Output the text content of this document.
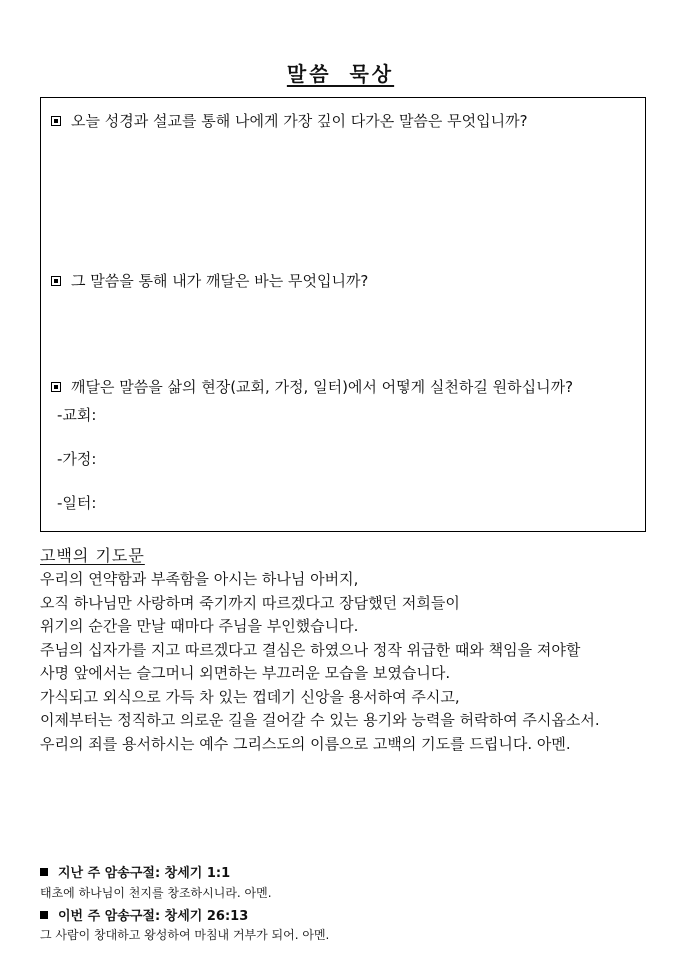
말씀 묵상
오늘 성경과 설교를 통해 나에게 가장 깊이 다가온 말씀은 무엇입니까?
그 말씀을 통해 내가 깨달은 바는 무엇입니까?
깨달은 말씀을 삶의 현장(교회, 가정, 일터)에서 어떻게 실천하길 원하십니까?
-교회:
-가정:
-일터:
고백의 기도문
우리의 연약함과 부족함을 아시는 하나님 아버지,
오직 하나님만 사랑하며 죽기까지 따르겠다고 장담했던 저희들이
위기의 순간을 만날 때마다 주님을 부인했습니다.
주님의 십자가를 지고 따르겠다고 결심은 하였으나 정작 위급한 때와 책임을 져야할
사명 앞에서는 슬그머니 외면하는 부끄러운 모습을 보였습니다.
가식되고 외식으로 가득 차 있는 껍데기 신앙을 용서하여 주시고,
이제부터는 정직하고 의로운 길을 걸어갈 수 있는 용기와 능력을 허락하여 주시옵소서.
우리의 죄를 용서하시는 예수 그리스도의 이름으로 고백의 기도를 드립니다. 아멘.
지난 주 암송구절: 창세기 1:1
태초에 하나님이 천지를 창조하시니라. 아멘.
이번 주 암송구절: 창세기 26:13
그 사람이 창대하고 왕성하여 마침내 거부가 되어. 아멘.
